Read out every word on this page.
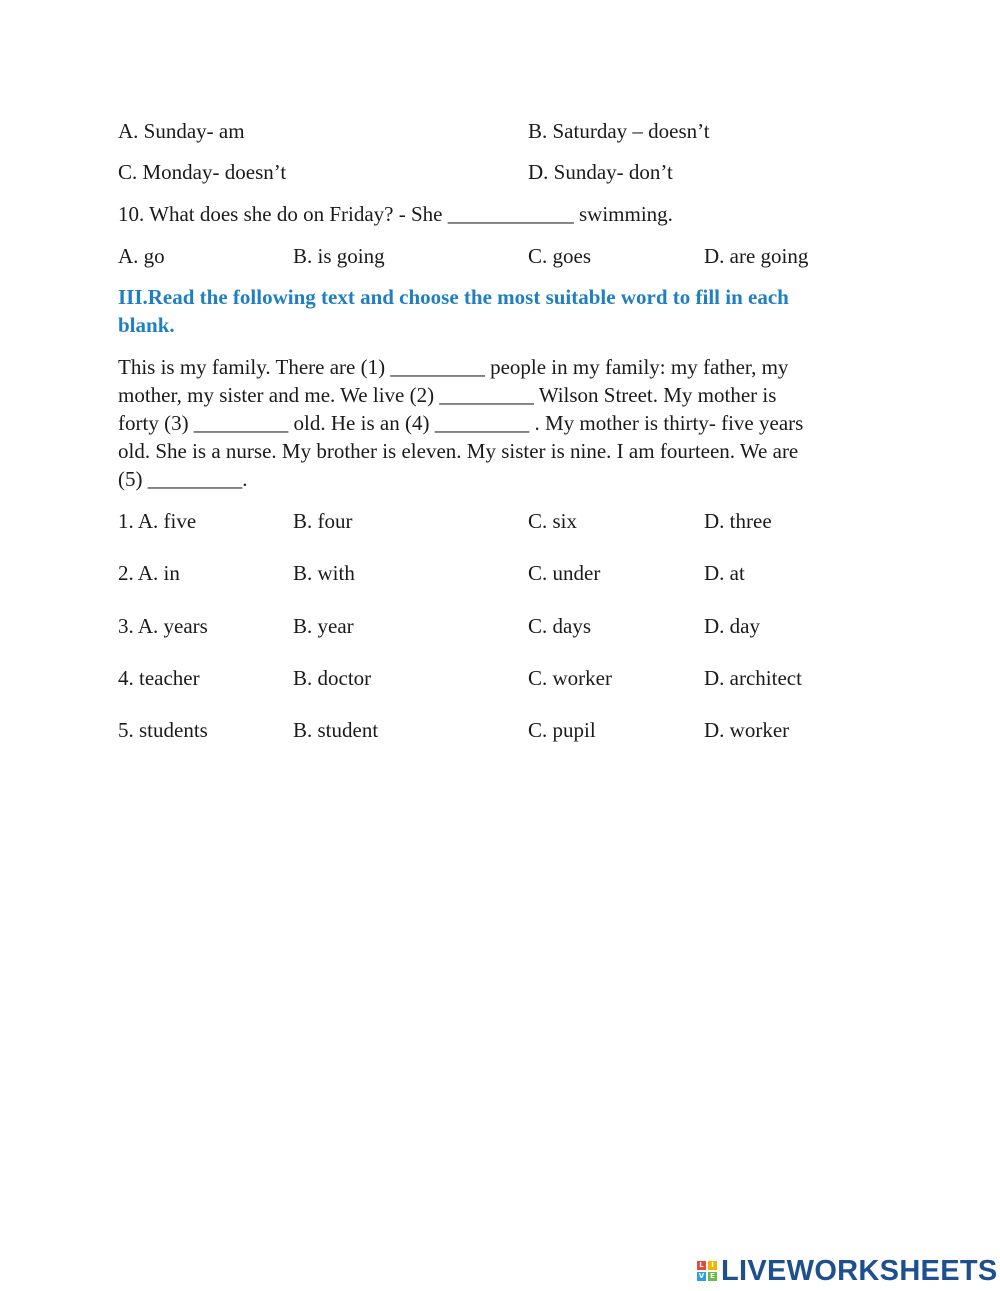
A. Sunday- am	B. Saturday – doesn’t
C. Monday- doesn’t	D. Sunday- don’t
10. What does she do on Friday? - She ____________ swimming.
A. go	B. is going	C. goes	D. are going
III.Read the following text and choose the most suitable word to fill in each
blank.
This is my family. There are (1) _________ people in my family: my father, my
mother, my sister and me. We live (2) _________ Wilson Street. My mother is
forty (3) _________ old. He is an (4) _________ . My mother is thirty- five years
old. She is a nurse. My brother is eleven. My sister is nine. I am fourteen. We are
(5) _________.
1. A. five	B. four	C. six	D. three
2. A. in	B. with	C. under	D. at
3. A. years	B. year	C. days	D. day
4. teacher	B. doctor	C. worker	D. architect
5. students	B. student	C. pupil	D. worker
L	I
V E LIVEWORKSHEETS
